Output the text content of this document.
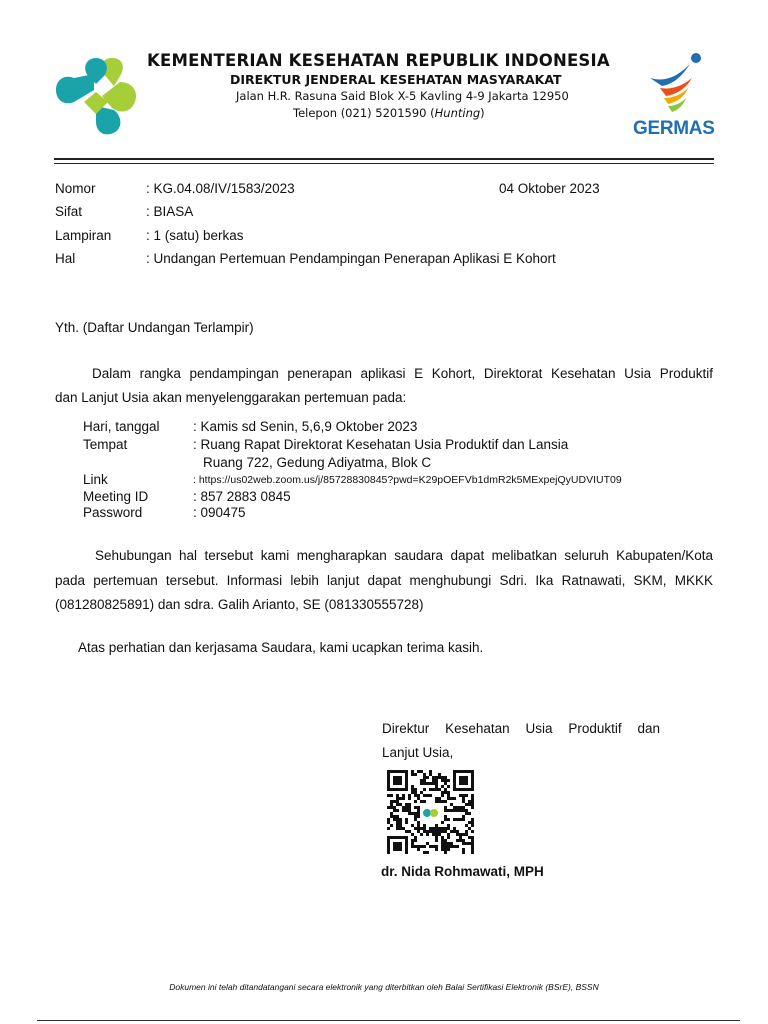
KEMENTERIAN KESEHATAN REPUBLIK INDONESIA
DIREKTUR JENDERAL KESEHATAN MASYARAKAT
Jalan H.R. Rasuna Said Blok X-5 Kavling 4-9 Jakarta 12950
Telepon (021) 5201590 (Hunting)
GERMAS
Nomor	: KG.04.08/IV/1583/2023	04 Oktober 2023
Sifat	: BIASA
Lampiran	: 1 (satu) berkas
Hal	: Undangan Pertemuan Pendampingan Penerapan Aplikasi E Kohort
Yth. (Daftar Undangan Terlampir)
Dalam rangka pendampingan penerapan aplikasi E Kohort, Direktorat Kesehatan Usia Produktif
dan Lanjut Usia akan menyelenggarakan pertemuan pada:
Hari, tanggal : Kamis sd Senin, 5,6,9 Oktober 2023
Tempat	: Ruang Rapat Direktorat Kesehatan Usia Produktif dan Lansia
Ruang 722, Gedung Adiyatma, Blok C
Link	: https://us02web.zoom.us/j/85728830845?pwd=K29pOEFVb1dmR2k5MExpejQyUDVIUT09
Meeting ID	: 857 2883 0845
Password	: 090475
Sehubungan hal tersebut kami mengharapkan saudara dapat melibatkan seluruh Kabupaten/Kota
pada pertemuan tersebut. Informasi lebih lanjut dapat menghubungi Sdri. Ika Ratnawati, SKM, MKKK
(081280825891) dan sdra. Galih Arianto, SE (081330555728)
Atas perhatian dan kerjasama Saudara, kami ucapkan terima kasih.
Direktur Kesehatan Usia Produktif dan
Lanjut Usia,
dr. Nida Rohmawati, MPH
Dokumen ini telah ditandatangani secara elektronik yang diterbitkan oleh Balai Sertifikasi Elektronik (BSrE), BSSN
